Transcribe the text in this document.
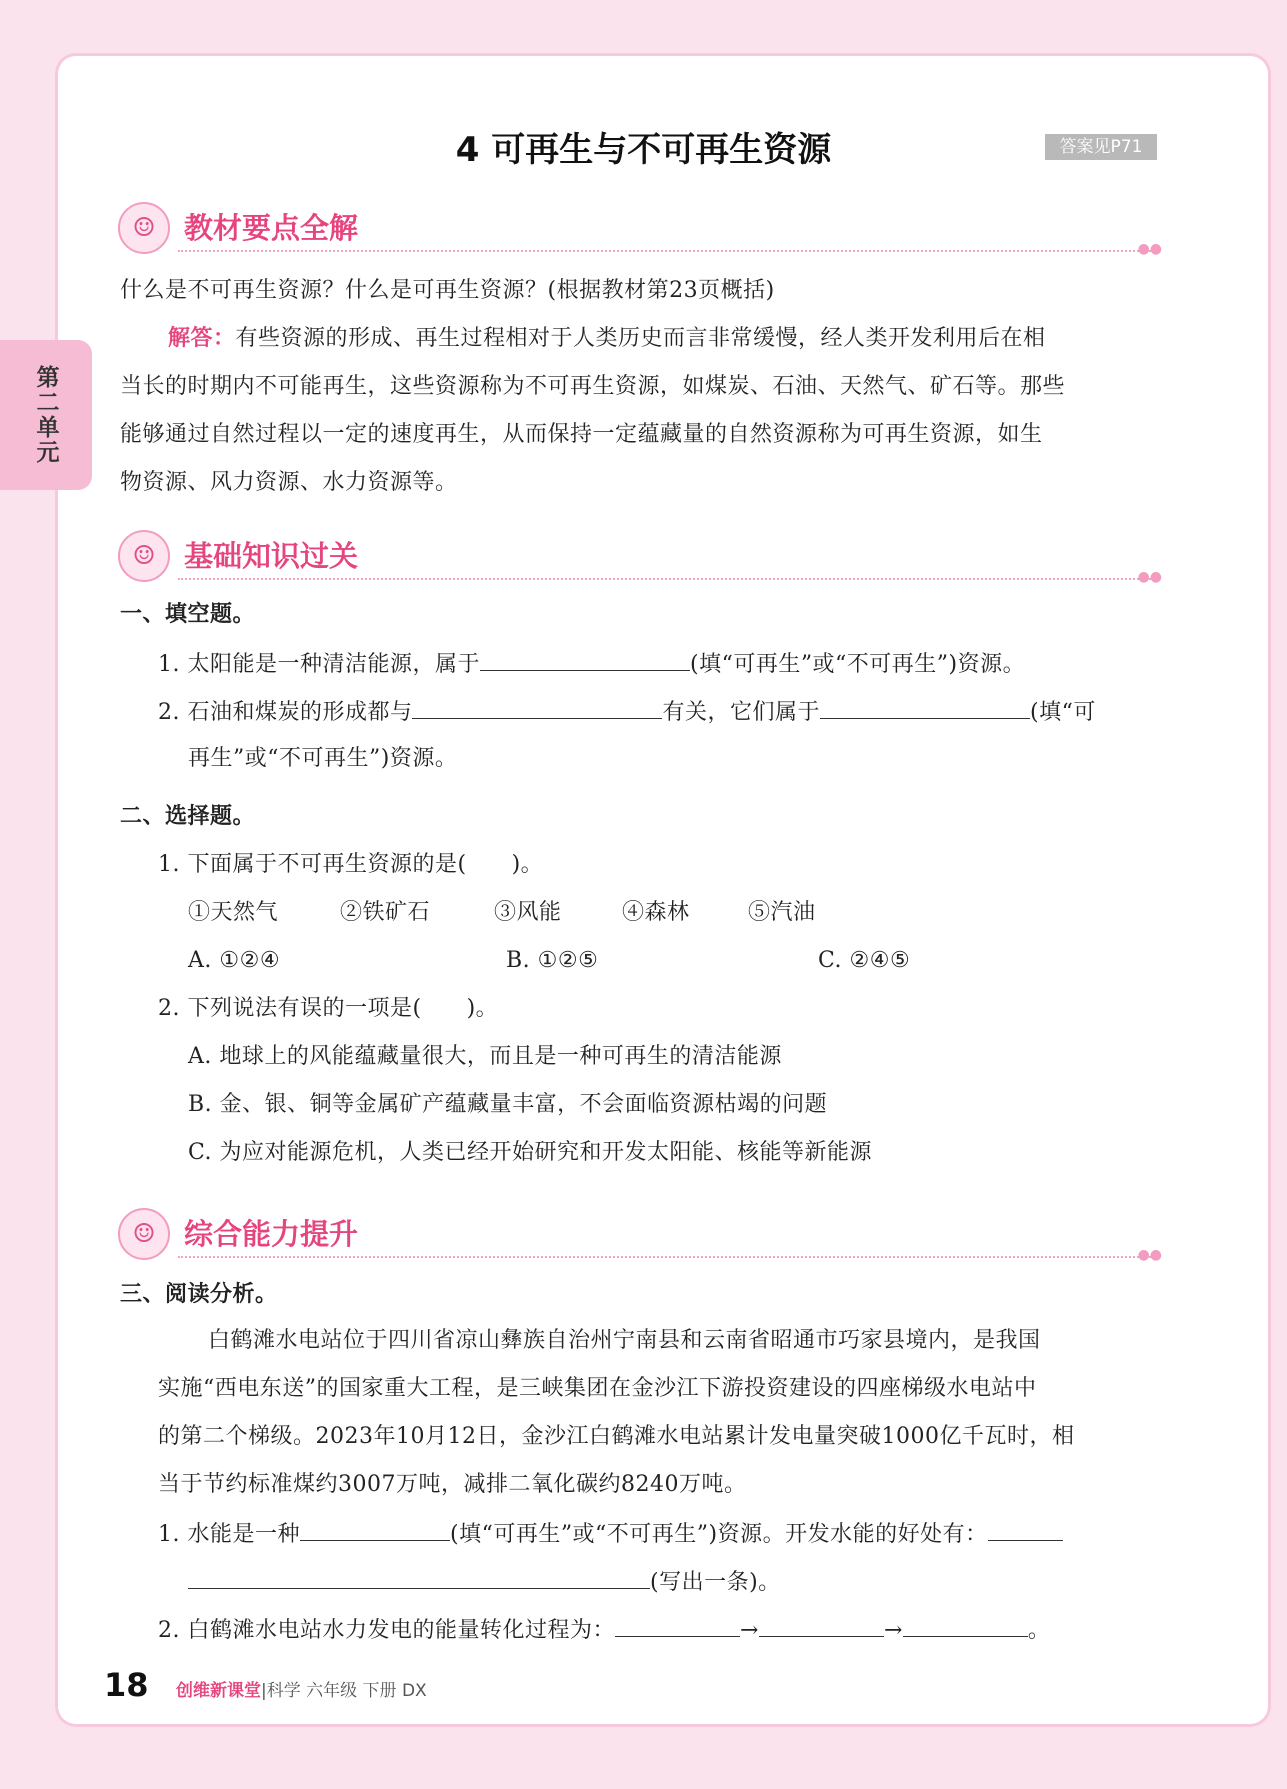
第二单元
4 可再生与不可再生资源	答案见P71
☺ 教材要点全解
●●
什么是不可再生资源？什么是可再生资源？(根据教材第23页概括)
解答：有些资源的形成、再生过程相对于人类历史而言非常缓慢，经人类开发利用后在相
当长的时期内不可能再生，这些资源称为不可再生资源，如煤炭、石油、天然气、矿石等。那些
能够通过自然过程以一定的速度再生，从而保持一定蕴藏量的自然资源称为可再生资源，如生
物资源、风力资源、水力资源等。
☺ 基础知识过关
●●
一、填空题。
1. 太阳能是一种清洁能源，属于	(填“可再生”或“不可再生”)资源。
2. 石油和煤炭的形成都与	有关，它们属于	(填“可
再生”或“不可再生”)资源。
二、选择题。
1. 下面属于不可再生资源的是(　　)。
①天然气	②铁矿石	③风能	④森林	⑤汽油
A. ①②④	B. ①②⑤	C. ②④⑤
2. 下列说法有误的一项是(　　)。
A. 地球上的风能蕴藏量很大，而且是一种可再生的清洁能源
B. 金、银、铜等金属矿产蕴藏量丰富，不会面临资源枯竭的问题
C. 为应对能源危机，人类已经开始研究和开发太阳能、核能等新能源
☺ 综合能力提升
●●
三、阅读分析。
白鹤滩水电站位于四川省凉山彝族自治州宁南县和云南省昭通市巧家县境内，是我国
实施“西电东送”的国家重大工程，是三峡集团在金沙江下游投资建设的四座梯级水电站中
的第二个梯级。2023年10月12日，金沙江白鹤滩水电站累计发电量突破1000亿千瓦时，相
当于节约标准煤约3007万吨，减排二氧化碳约8240万吨。
1. 水能是一种	(填“可再生”或“不可再生”)资源。开发水能的好处有：
(写出一条)。
2. 白鹤滩水电站水力发电的能量转化过程为：	→	→	。
18 创维新课堂|科学 六年级 下册 DX
